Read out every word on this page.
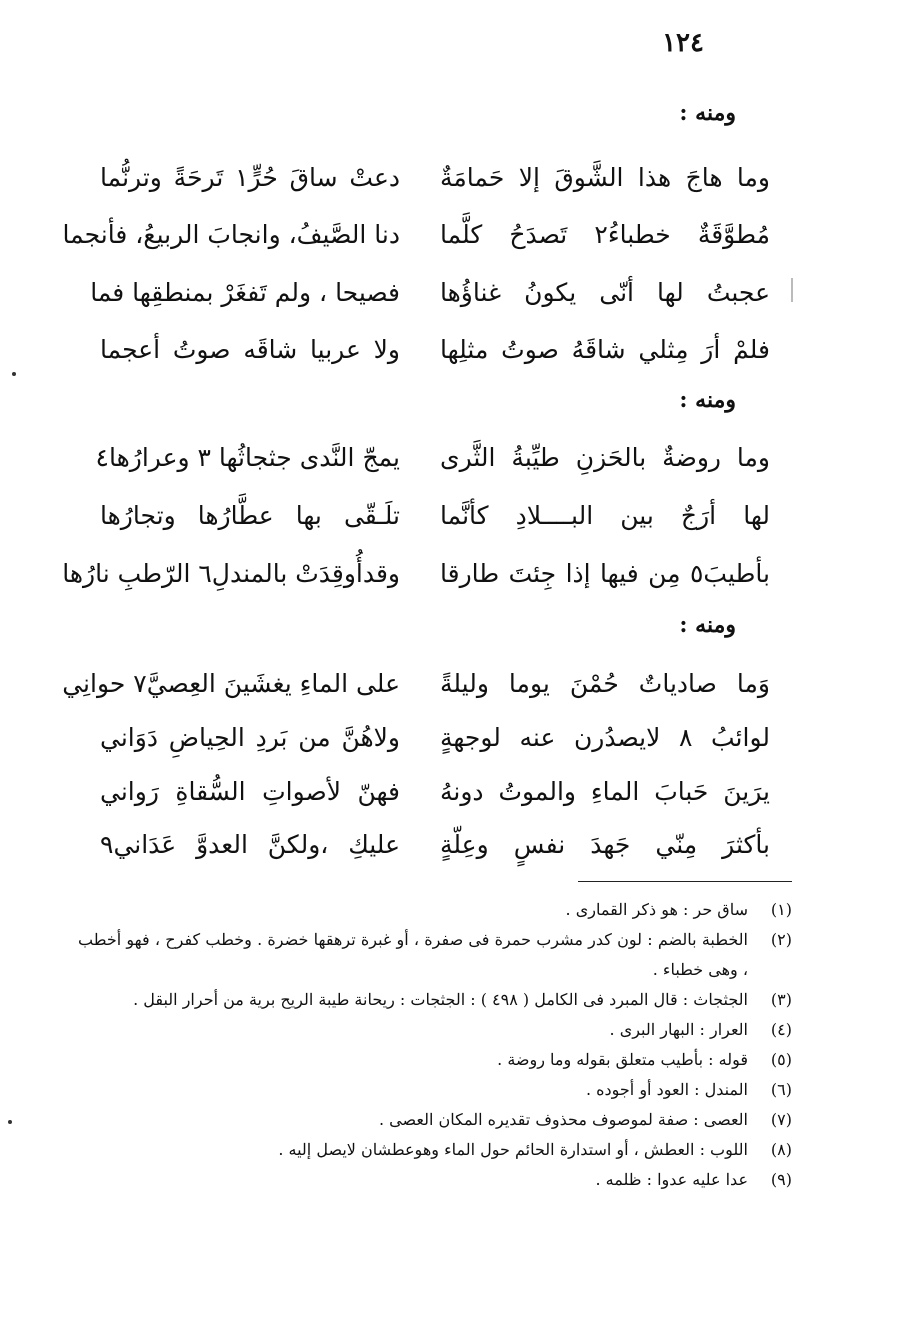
١٢٤
ومنه :
وما هاجَ هذا الشَّوقَ إلا حَمامَةٌ
دعتْ ساقَ حُرٍّ١ تَرحَةً وترنُّما
مُطوَّقَةٌ خطباءُ٢ تَصدَحُ كلَّما
دنا الصَّيفُ، وانجابَ الربيعُ، فأنجما
عجبتُ لها أنّى يكونُ غناؤُها
فصيحا ، ولم تَفغَرْ بمنطقِها فما
فلمْ أرَ مِثلي شاقَهُ صوتُ مثلِها
ولا عربيا شاقَه صوتُ أعجما
ومنه :
وما روضةٌ بالحَزنِ طيِّبةُ الثَّرى
يمجّ النَّدى جثجاثُها ٣ وعرارُها٤
لها أرَجٌ بين البــــلادِ كأنَّما
تلَـقّى بها عطَّارُها وتجارُها
بأطيبَ٥ مِن فيها إذا جِئتَ طارقا
وقدأُوقِدَتْ بالمندلِ٦ الرّطبِ نارُها
ومنه :
وَما صادياتٌ حُمْنَ يوما وليلةً
على الماءِ يغشَينَ العِصيَّ٧ حوانِي
لوائبُ ٨ لايصدُرن عنه لوجهةٍ
ولاهُنَّ من بَردِ الحِياضِ دَوَاني
يرَينَ حَبابَ الماءِ والموتُ دونهُ
فهنّ لأصواتِ السُّقاةِ رَواني
بأكثرَ مِنّي جَهدَ نفسٍ وعِلّةٍ
عليكِ ،ولكنَّ العدوَّ عَدَاني٩
(١)
ساق حر : هو ذكر القمارى .
(٢)
الخطبة بالضم : لون كدر مشرب حمرة فى صفرة ، أو غبرة ترهقها خضرة . وخطب كفرح ، فهو أخطب ، وهى خطباء .
(٣)
الجثجاث : قال المبرد فى الكامل ( ٤٩٨ ) : الجثجات : ريحانة طيبة الريح برية من أحرار البقل .
(٤)
العرار : البهار البرى .
(٥)
قوله : بأطيب متعلق بقوله وما روضة .
(٦)
المندل : العود أو أجوده .
(٧)
العصى : صفة لموصوف محذوف تقديره المكان العصى .
(٨)
اللوب : العطش ، أو استدارة الحائم حول الماء وهوعطشان لايصل إليه .
(٩)
عدا عليه عدوا : ظلمه .
